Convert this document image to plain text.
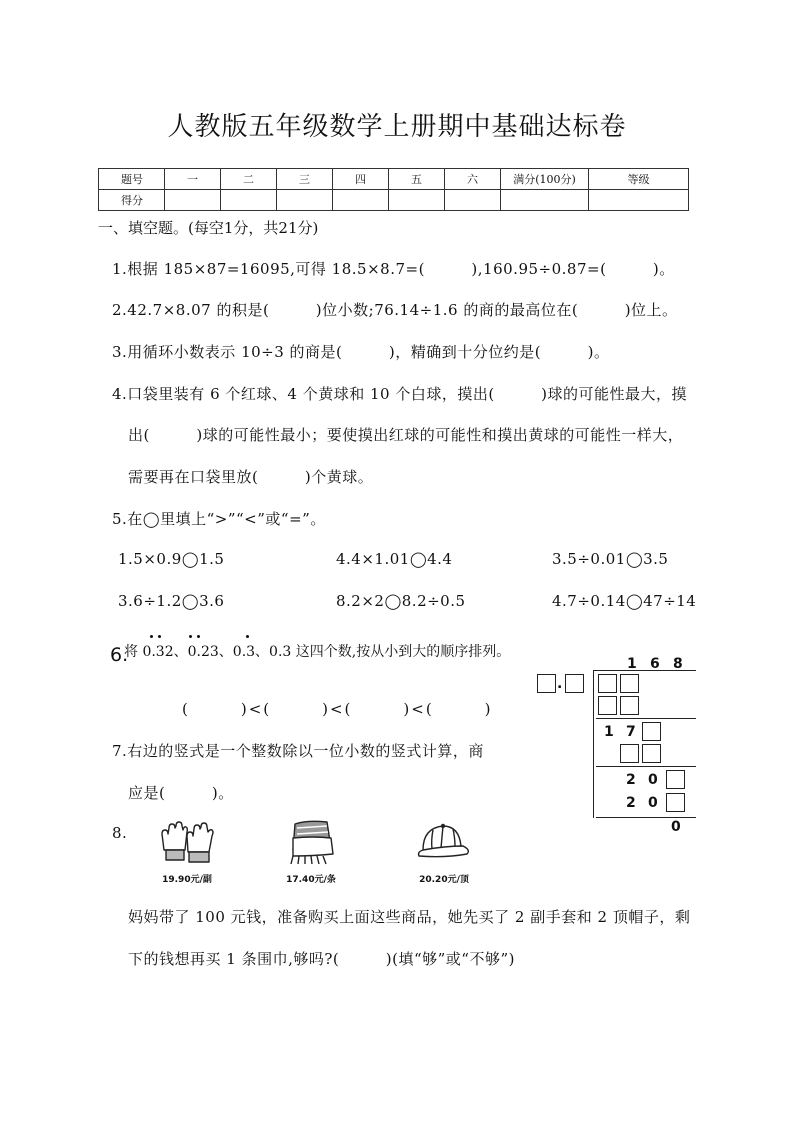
人教版五年级数学上册期中基础达标卷
题号	一	二	三	四	五	六	满分(100分)	等级
得分								
一、填空题。(每空1分，共21分)
1.根据 185×87=16095,可得 18.5×8.7=(　　　),160.95÷0.87=(　　　)。
2.42.7×8.07 的积是(　　　)位小数;76.14÷1.6 的商的最高位在(　　　)位上。
3.用循环小数表示 10÷3 的商是(　　　)，精确到十分位约是(　　　)。
4.口袋里装有 6 个红球、4 个黄球和 10 个白球，摸出(　　　)球的可能性最大，摸
出(　　　)球的可能性最小；要使摸出红球的可能性和摸出黄球的可能性一样大，
需要再在口袋里放(　　　)个黄球。
5.在◯里填上“>”“<”或“=”。
1.5×0.9◯1.5	4.4×1.01◯4.4	3.5÷0.01◯3.5
3.6÷1.2◯3.6	8.2×2◯8.2÷0.5	4.7÷0.14◯47÷14
6.
将 0.32、0.23、0.3、0.3 这四个数,按从小到大的顺序排列。
(　　　)<(　　　)<(　　　)<(　　　)
7.右边的竖式是一个整数除以一位小数的竖式计算，商
应是(　　　)。
1 6 8
.
1 7
2 0
2 0
0
8.
19.90元/副	17.40元/条	20.20元/顶
妈妈带了 100 元钱，准备购买上面这些商品，她先买了 2 副手套和 2 顶帽子，剩
下的钱想再买 1 条围巾,够吗?(　　　)(填“够”或“不够”)
